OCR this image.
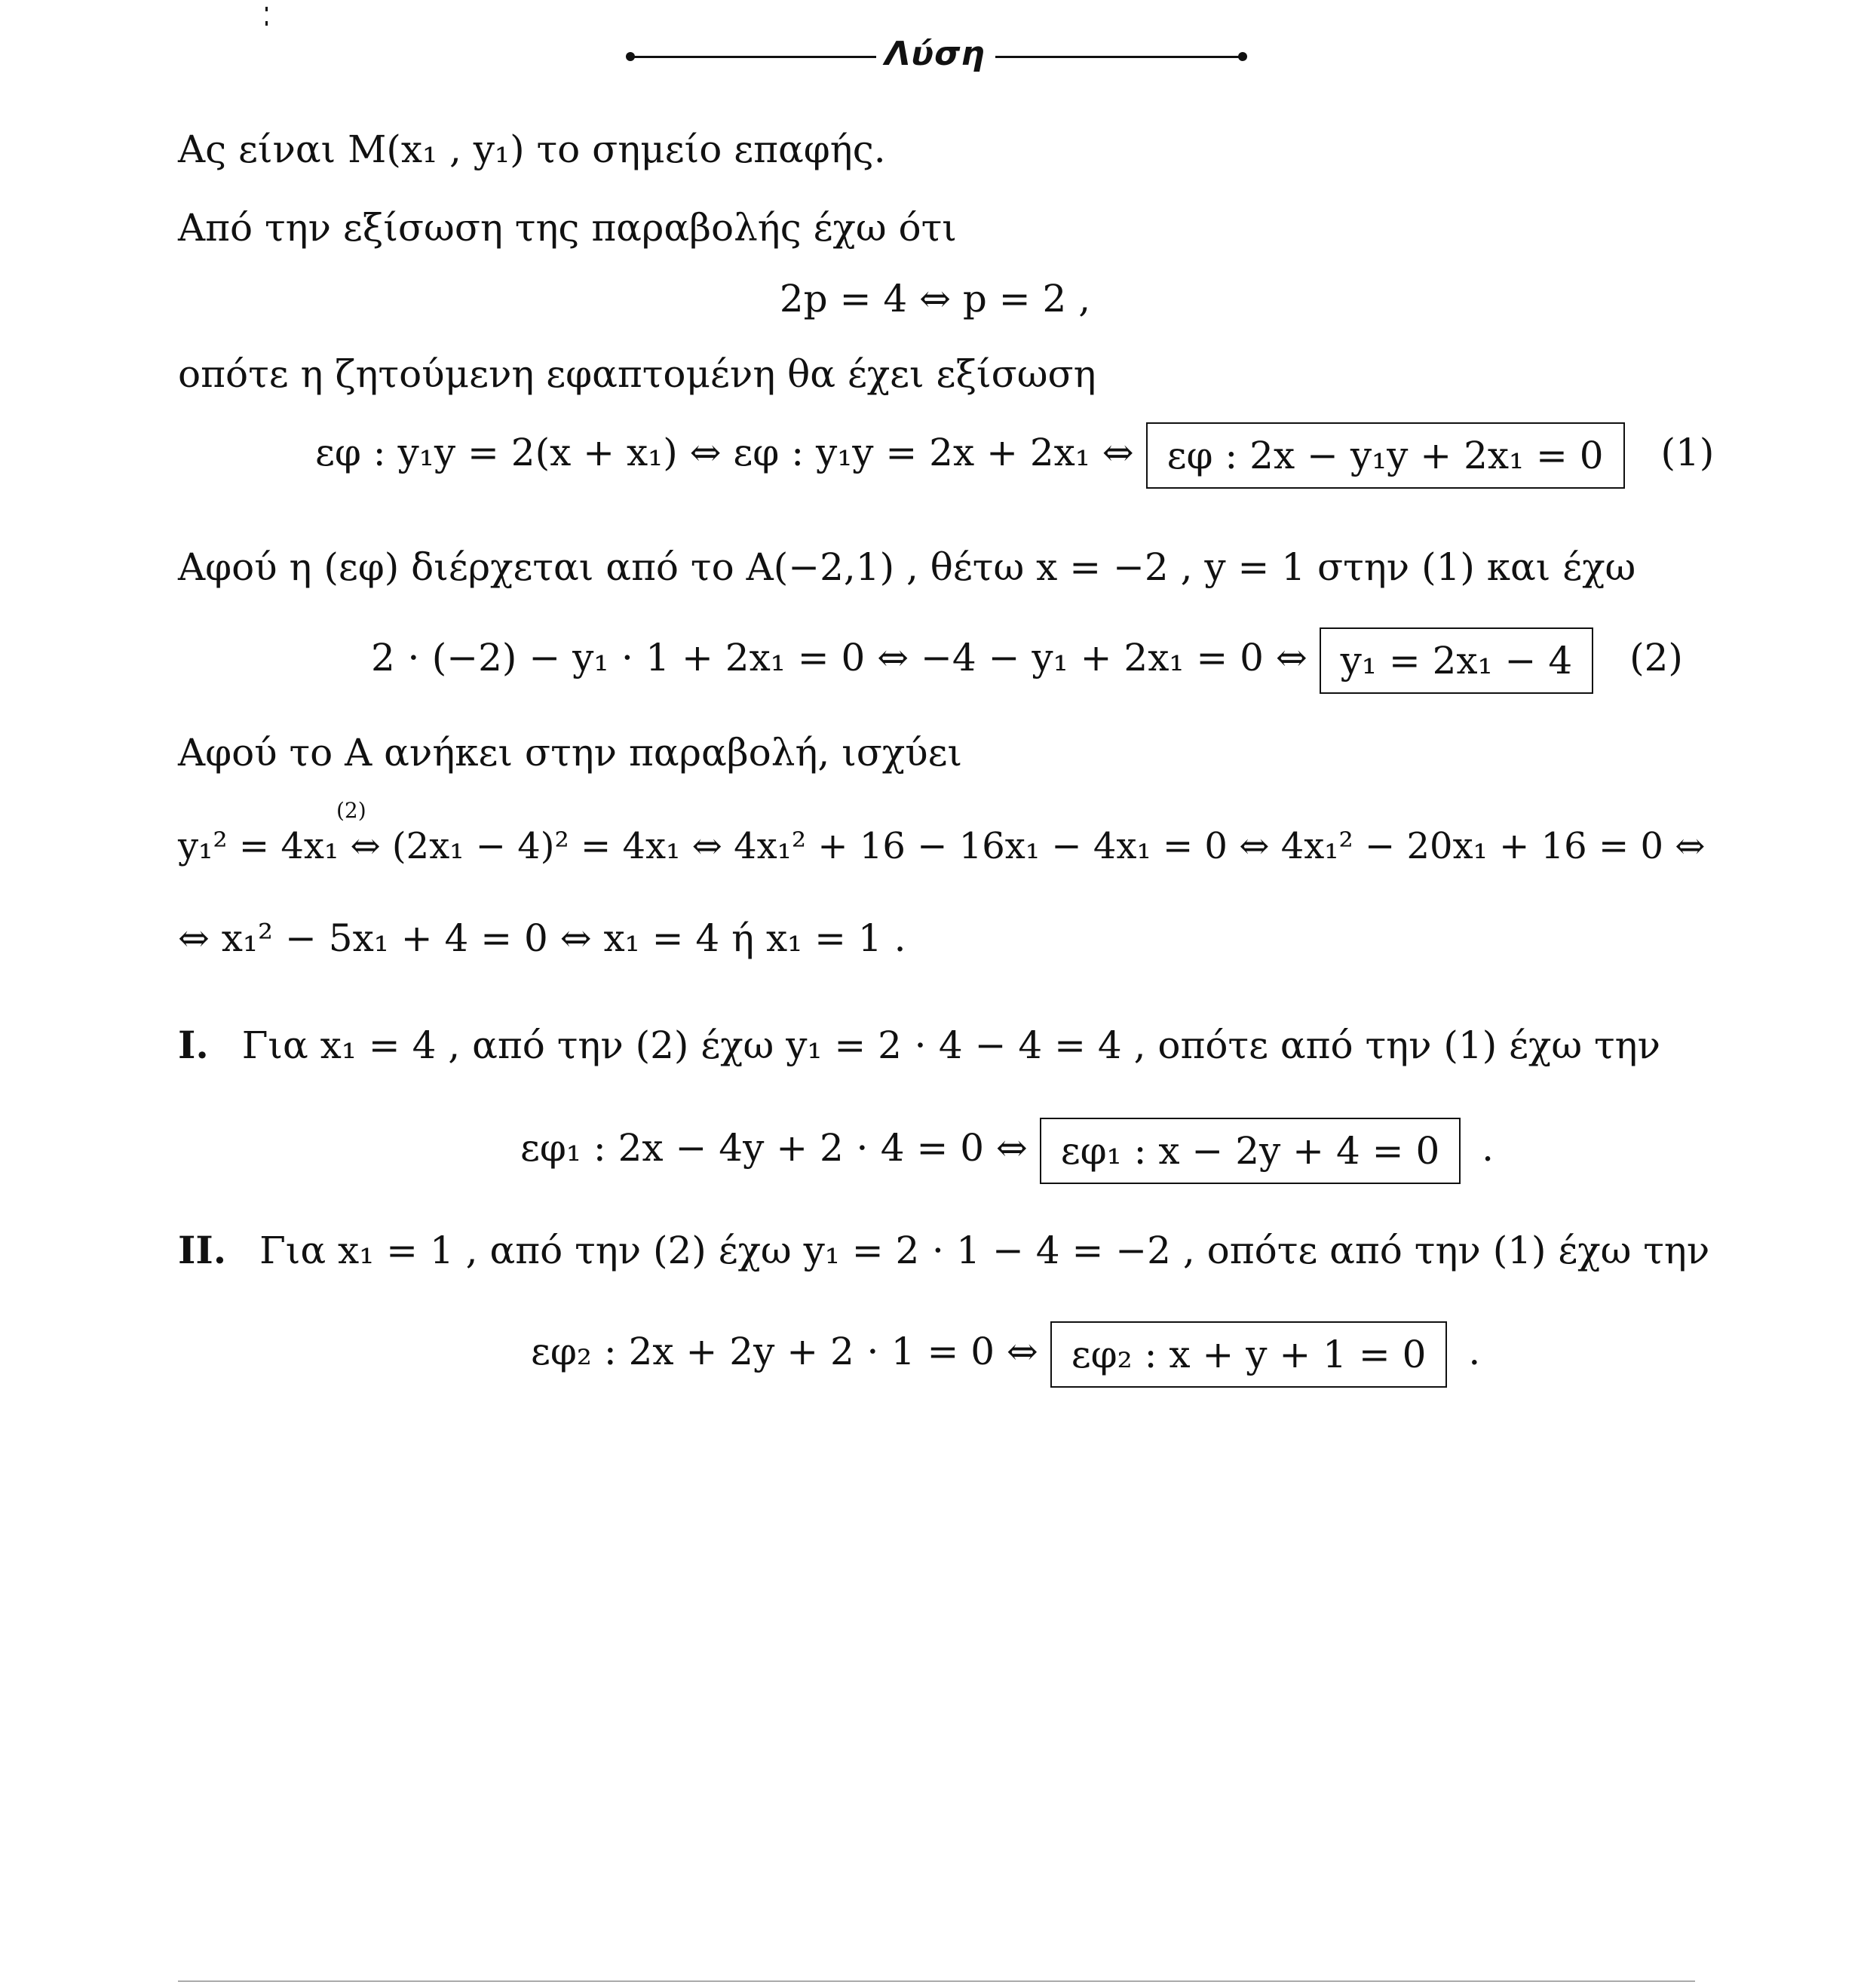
Λύση
Ας είναι M(x₁ , y₁) το σημείο επαφής.
Από την εξίσωση της παραβολής έχω ότι
2p = 4 ⇔ p = 2 ,
οπότε η ζητούμενη εφαπτομένη θα έχει εξίσωση
εφ : y₁y = 2(x + x₁) ⇔ εφ : y₁y = 2x + 2x₁ ⇔ εφ : 2x − y₁y + 2x₁ = 0 (1)
Αφού η (εφ) διέρχεται από το A(−2,1) , θέτω x = −2 , y = 1 στην (1) και έχω
2 ⋅ (−2) − y₁ ⋅ 1 + 2x₁ = 0 ⇔ −4 − y₁ + 2x₁ = 0 ⇔ y₁ = 2x₁ − 4 (2)
Αφού το A ανήκει στην παραβολή, ισχύει
(2)
y₁² = 4x₁ ⇔ (2x₁ − 4)² = 4x₁ ⇔ 4x₁² + 16 − 16x₁ − 4x₁ = 0 ⇔ 4x₁² − 20x₁ + 16 = 0 ⇔
⇔ x₁² − 5x₁ + 4 = 0 ⇔ x₁ = 4 ή x₁ = 1 .
I. Για x₁ = 4 , από την (2) έχω y₁ = 2 ⋅ 4 − 4 = 4 , οπότε από την (1) έχω την
εφ₁ : 2x − 4y + 2 ⋅ 4 = 0 ⇔ εφ₁ : x − 2y + 4 = 0 .
II. Για x₁ = 1 , από την (2) έχω y₁ = 2 ⋅ 1 − 4 = −2 , οπότε από την (1) έχω την
εφ₂ : 2x + 2y + 2 ⋅ 1 = 0 ⇔ εφ₂ : x + y + 1 = 0 .
